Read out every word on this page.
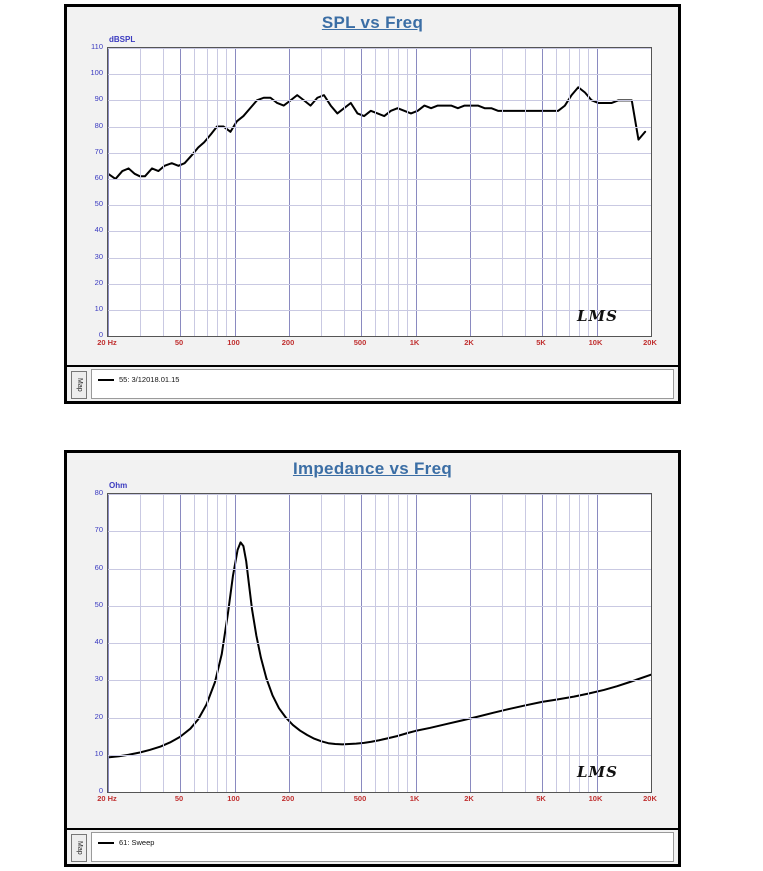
SPL vs Freq
dBSPL
LMS
0
10
20
30
40
50
60
70
80
90
100
110
20 Hz	50	100	200	500	1K	2K	5K	10K	20K
Map	55: 3/12018.01.15
Impedance vs Freq
Ohm
LMS
0
10
20
30
40
50
60
70
80
20 Hz	50	100	200	500	1K	2K	5K	10K	20K
Map	61: Sweep
